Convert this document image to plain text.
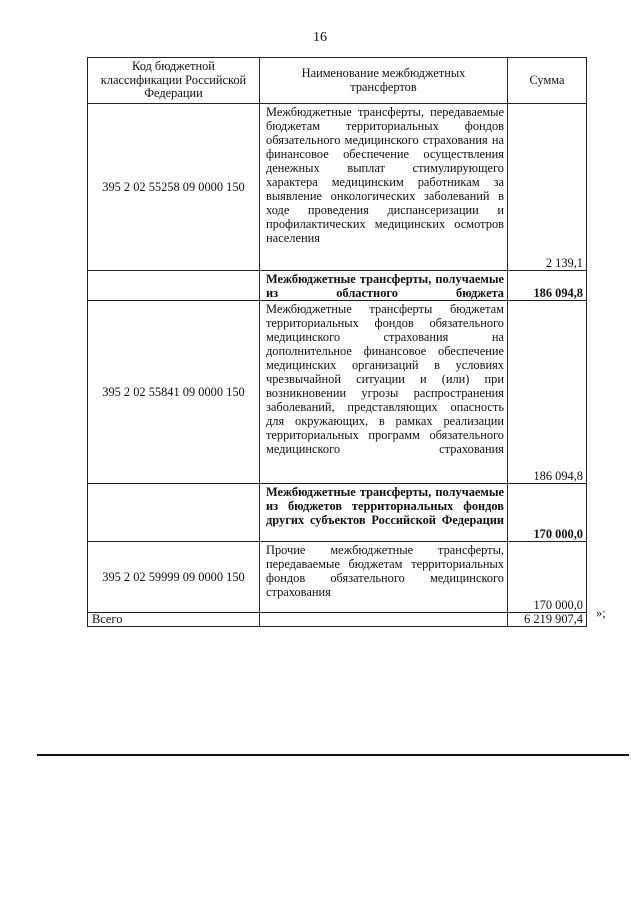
16
Код бюджетной классификации Российской Федерации	Наименование межбюджетных трансфертов	Сумма
395 2 02 55258 09 0000 150	Межбюджетные трансферты, передаваемые бюджетам территориальных фондов обязательного медицинского страхования на финансовое обеспечение осуществления денежных выплат стимулирующего характера медицинским работникам за выявление онкологических заболеваний в ходе проведения диспансеризации и профилактических медицинских осмотров населения	2 139,1
	Межбюджетные трансферты, получаемые из областного бюджета	186 094,8
395 2 02 55841 09 0000 150	Межбюджетные трансферты бюджетам территориальных фондов обязательного медицинского страхования на дополнительное финансовое обеспечение медицинских организаций в условиях чрезвычайной ситуации и (или) при возникновении угрозы распространения заболеваний, представляющих опасность для окружающих, в рамках реализации территориальных программ обязательного медицинского страхования	186 094,8
	Межбюджетные трансферты, получаемые из бюджетов территориальных фондов других субъектов Российской Федерации	170 000,0
395 2 02 59999 09 0000 150	Прочие межбюджетные трансферты, передаваемые бюджетам территориальных фондов обязательного медицинского страхования	170 000,0
Всего		6 219 907,4 »;
